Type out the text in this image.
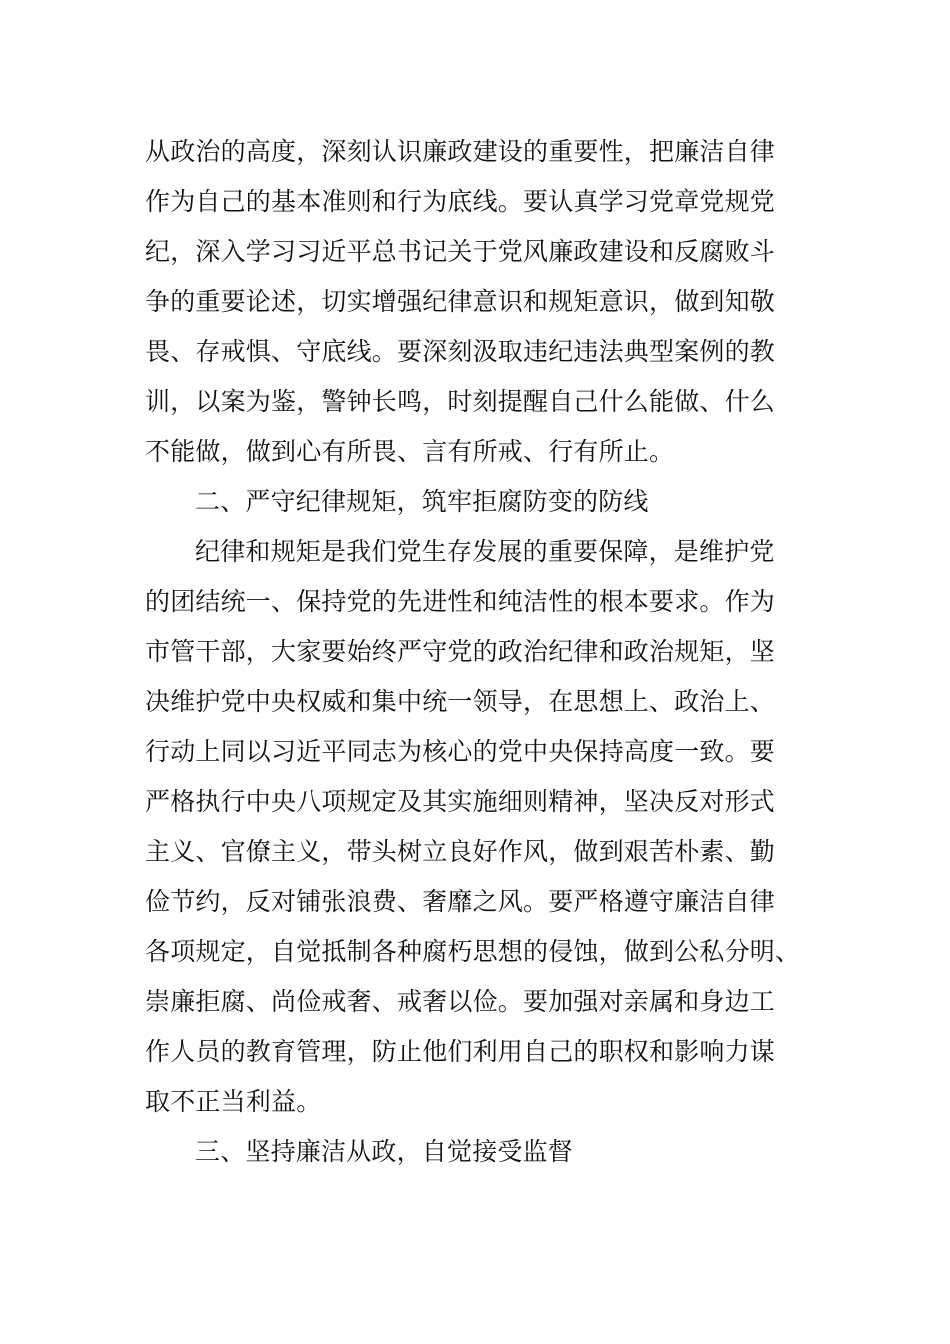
从政治的高度，深刻认识廉政建设的重要性，把廉洁自律
作为自己的基本准则和行为底线。要认真学习党章党规党
纪，深入学习习近平总书记关于党风廉政建设和反腐败斗
争的重要论述，切实增强纪律意识和规矩意识，做到知敬
畏、存戒惧、守底线。要深刻汲取违纪违法典型案例的教
训，以案为鉴，警钟长鸣，时刻提醒自己什么能做、什么
不能做，做到心有所畏、言有所戒、行有所止。
二、严守纪律规矩，筑牢拒腐防变的防线
纪律和规矩是我们党生存发展的重要保障，是维护党
的团结统一、保持党的先进性和纯洁性的根本要求。作为
市管干部，大家要始终严守党的政治纪律和政治规矩，坚
决维护党中央权威和集中统一领导，在思想上、政治上、
行动上同以习近平同志为核心的党中央保持高度一致。要
严格执行中央八项规定及其实施细则精神，坚决反对形式
主义、官僚主义，带头树立良好作风，做到艰苦朴素、勤
俭节约，反对铺张浪费、奢靡之风。要严格遵守廉洁自律
各项规定，自觉抵制各种腐朽思想的侵蚀，做到公私分明、
崇廉拒腐、尚俭戒奢、戒奢以俭。要加强对亲属和身边工
作人员的教育管理，防止他们利用自己的职权和影响力谋
取不正当利益。
三、坚持廉洁从政，自觉接受监督
